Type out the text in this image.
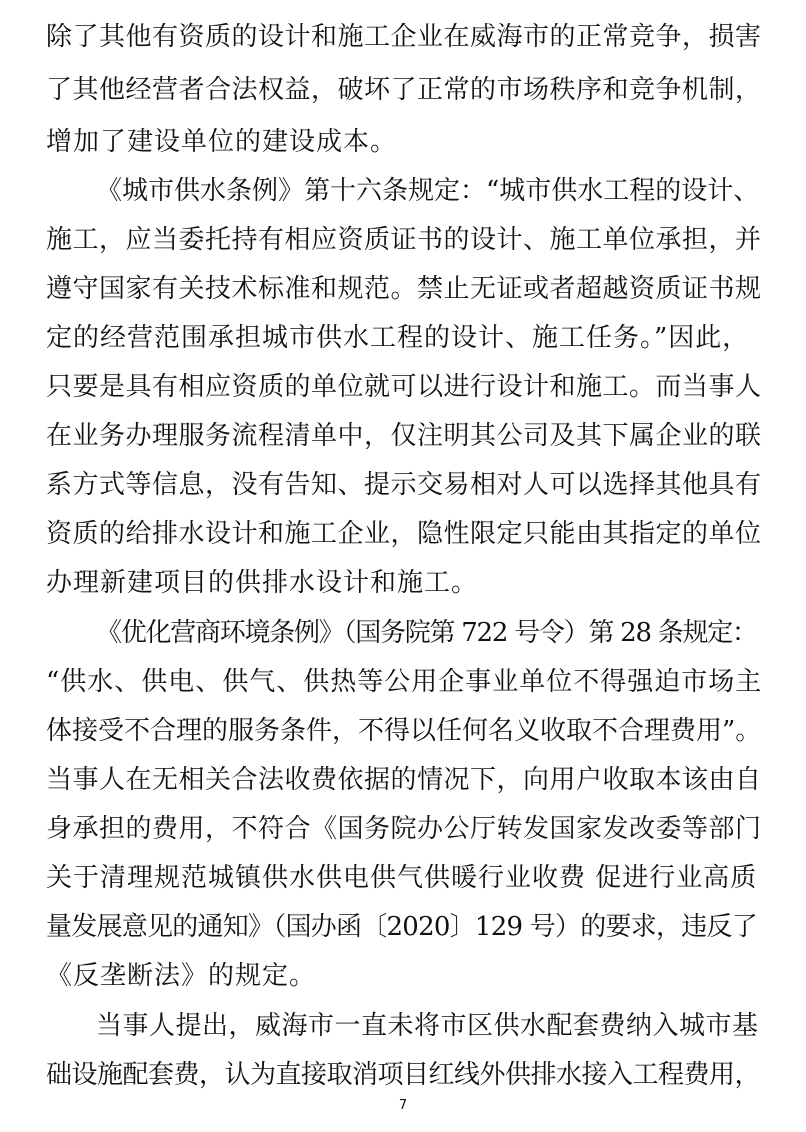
除了其他有资质的设计和施工企业在威海市的正常竞争，损害
了其他经营者合法权益，破坏了正常的市场秩序和竞争机制，
增加了建设单位的建设成本。
《城市供水条例》第十六条规定：“城市供水工程的设计、
施工，应当委托持有相应资质证书的设计、施工单位承担，并
遵守国家有关技术标准和规范。禁止无证或者超越资质证书规
定的经营范围承担城市供水工程的设计、施工任务。”因此，
只要是具有相应资质的单位就可以进行设计和施工。而当事人
在业务办理服务流程清单中，仅注明其公司及其下属企业的联
系方式等信息，没有告知、提示交易相对人可以选择其他具有
资质的给排水设计和施工企业，隐性限定只能由其指定的单位
办理新建项目的供排水设计和施工。
《优化营商环境条例》（国务院第 722 号令）第 28 条规定：
“供水、供电、供气、供热等公用企事业单位不得强迫市场主
体接受不合理的服务条件，不得以任何名义收取不合理费用”。
当事人在无相关合法收费依据的情况下，向用户收取本该由自
身承担的费用，不符合《国务院办公厅转发国家发改委等部门
关于清理规范城镇供水供电供气供暖行业收费 促进行业高质
量发展意见的通知》（国办函〔2020〕129 号）的要求，违反了
《反垄断法》的规定。
当事人提出，威海市一直未将市区供水配套费纳入城市基
础设施配套费，认为直接取消项目红线外供排水接入工程费用，
7
